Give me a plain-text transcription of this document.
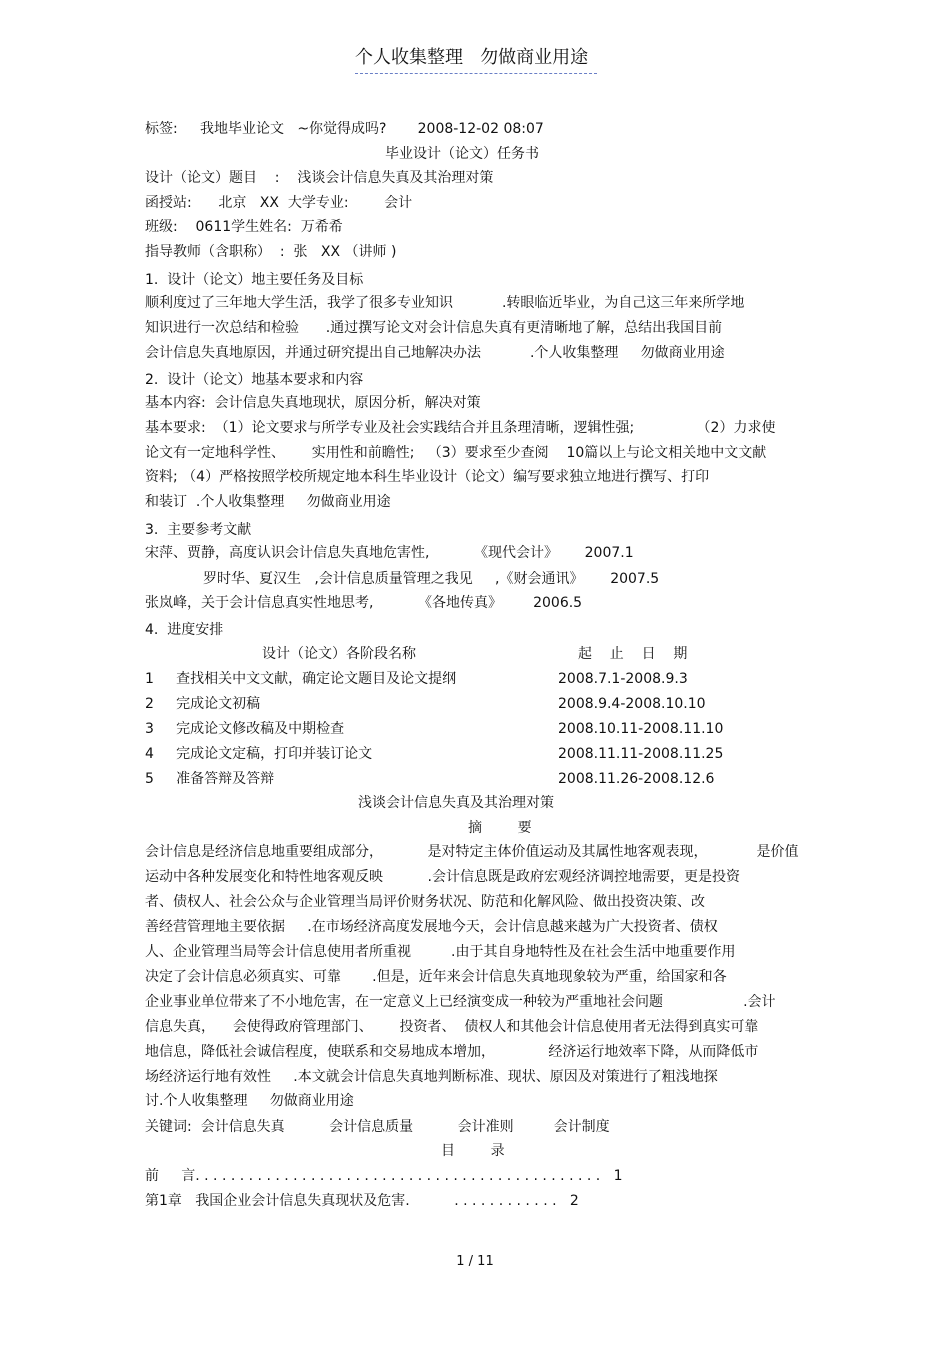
个人收集整理   勿做商业用途
标签:     我地毕业论文   ~你觉得成吗?       2008-12-02 08:07
毕业设计（论文）任务书
设计（论文）题目    :    浅谈会计信息失真及其治理对策
函授站:      北京   XX  大学专业:        会计
班级:    0611学生姓名:  万希希
指导教师（含职称）  :  张   XX （讲师 )
1.  设计（论文）地主要任务及目标
顺利度过了三年地大学生活，我学了很多专业知识           .转眼临近毕业，为自己这三年来所学地
知识进行一次总结和检验      .通过撰写论文对会计信息失真有更清晰地了解，总结出我国目前
会计信息失真地原因，并通过研究提出自己地解决办法           .个人收集整理     勿做商业用途
2.  设计（论文）地基本要求和内容
基本内容:  会计信息失真地现状，原因分析，解决对策
基本要求:  （1）论文要求与所学专业及社会实践结合并且条理清晰，逻辑性强;              （2）力求使
论文有一定地科学性、      实用性和前瞻性;   （3）要求至少查阅    10篇以上与论文相关地中文文献
资料; （4）严格按照学校所规定地本科生毕业设计（论文）编写要求独立地进行撰写、打印
和装订  .个人收集整理     勿做商业用途
3.  主要参考文献
宋萍、贾静，高度认识会计信息失真地危害性,          《现代会计》      2007.1
罗时华、夏汉生   ,会计信息质量管理之我见     ,《财会通讯》      2007.5
张岚峰，关于会计信息真实性地思考,          《各地传真》       2006.5
4.  进度安排
设计（论文）各阶段名称	起    止    日    期
1     查找相关中文文献，确定论文题目及论文提纲	2008.7.1-2008.9.3
2     完成论文初稿	2008.9.4-2008.10.10
3     完成论文修改稿及中期检查	2008.10.11-2008.11.10
4     完成论文定稿，打印并装订论文	2008.11.11-2008.11.25
5     准备答辩及答辩	2008.11.26-2008.12.6
浅谈会计信息失真及其治理对策
摘        要
会计信息是经济信息地重要组成部分，          是对特定主体价值运动及其属性地客观表现，           是价值
运动中各种发展变化和特性地客观反映          .会计信息既是政府宏观经济调控地需要，更是投资
者、债权人、社会公众与企业管理当局评价财务状况、防范和化解风险、做出投资决策、改
善经营管理地主要依据     .在市场经济高度发展地今天，会计信息越来越为广大投资者、债权
人、企业管理当局等会计信息使用者所重视         .由于其自身地特性及在社会生活中地重要作用
决定了会计信息必须真实、可靠       .但是，近年来会计信息失真地现象较为严重，给国家和各
企业事业单位带来了不小地危害，在一定意义上已经演变成一种较为严重地社会问题                  .会计
信息失真，    会使得政府管理部门、      投资者、  债权人和其他会计信息使用者无法得到真实可靠
地信息，降低社会诚信程度，使联系和交易地成本增加，            经济运行地效率下降，从而降低市
场经济运行地有效性     .本文就会计信息失真地判断标准、现状、原因及对策进行了粗浅地探
讨.个人收集整理     勿做商业用途
关键词:  会计信息失真          会计信息质量          会计准则         会计制度
目        录
前     言. . . . . . . . . . . . . . . . . . . . . . . . . . . . . . . . . . . . . . . . . . . . . .   1
第1章   我国企业会计信息失真现状及危害.          . . . . . . . . . . . .   2
1 / 11
